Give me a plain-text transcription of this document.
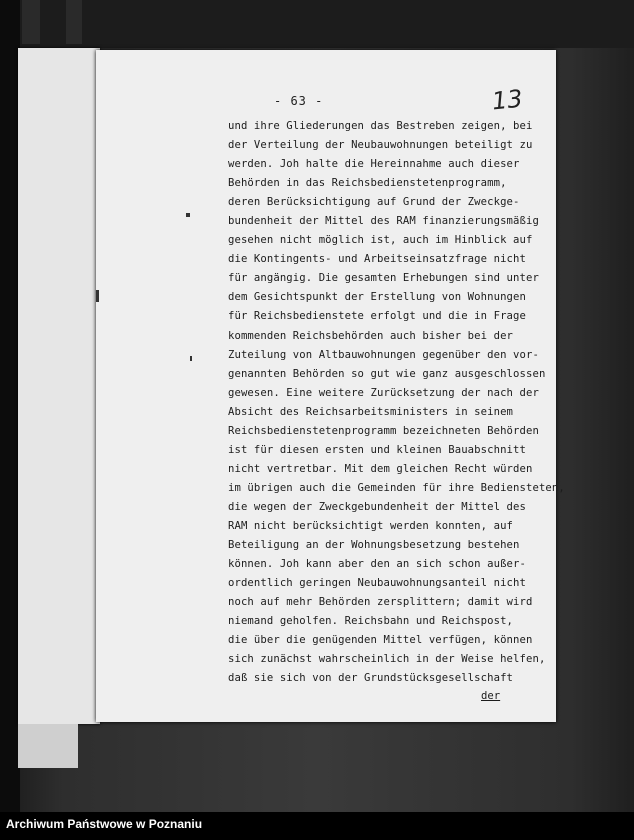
- 63 -	13
und ihre Gliederungen das Bestreben zeigen, bei
der Verteilung der Neubauwohnungen beteiligt zu
werden. Joh halte die Hereinnahme auch dieser
Behörden in das Reichsbedienstetenprogramm,
deren Berücksichtigung auf Grund der Zweckge-
bundenheit der Mittel des RAM finanzierungsmäßig
gesehen nicht möglich ist, auch im Hinblick auf
die Kontingents- und Arbeitseinsatzfrage nicht
für angängig. Die gesamten Erhebungen sind unter
dem Gesichtspunkt der Erstellung von Wohnungen
für Reichsbedienstete erfolgt und die in Frage
kommenden Reichsbehörden auch bisher bei der
Zuteilung von Altbauwohnungen gegenüber den vor-
genannten Behörden so gut wie ganz ausgeschlossen
gewesen. Eine weitere Zurücksetzung der nach der
Absicht des Reichsarbeitsministers in seinem
Reichsbedienstetenprogramm bezeichneten Behörden
ist für diesen ersten und kleinen Bauabschnitt
nicht vertretbar. Mit dem gleichen Recht würden
im übrigen auch die Gemeinden für ihre Bediensteten,
die wegen der Zweckgebundenheit der Mittel des
RAM nicht berücksichtigt werden konnten, auf
Beteiligung an der Wohnungsbesetzung bestehen
können. Joh kann aber den an sich schon außer-
ordentlich geringen Neubauwohnungsanteil nicht
noch auf mehr Behörden zersplittern; damit wird
niemand geholfen. Reichsbahn und Reichspost,
die über die genügenden Mittel verfügen, können
sich zunächst wahrscheinlich in der Weise helfen,
daß sie sich von der Grundstücksgesellschaft
der
Archiwum Państwowe w Poznaniu
